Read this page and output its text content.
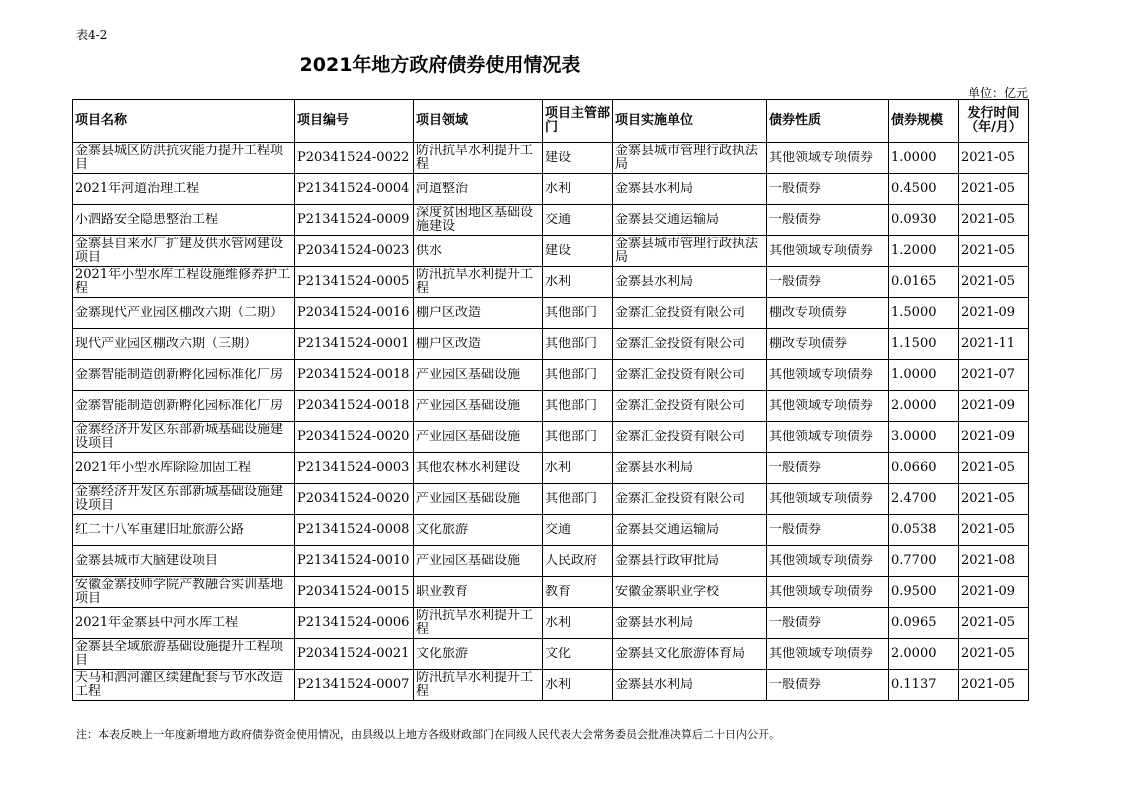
表4-2
2021年地方政府债券使用情况表
单位：亿元
项目名称	项目编号	项目领域	项目主管部门	项目实施单位	债券性质	债券规模	发行时间（年/月）

金寨县城区防洪抗灾能力提升工程项目	P20341524-0022	防汛抗旱水利提升工程	建设	金寨县城市管理行政执法局	其他领域专项债券	1.0000	2021-05

2021年河道治理工程	P21341524-0004	河道整治	水利	金寨县水利局	一般债券	0.4500	2021-05

小泗路安全隐患整治工程	P21341524-0009	深度贫困地区基础设施建设	交通	金寨县交通运输局	一般债券	0.0930	2021-05

金寨县自来水厂扩建及供水管网建设项目	P20341524-0023	供水	建设	金寨县城市管理行政执法局	其他领域专项债券	1.2000	2021-05

2021年小型水库工程设施维修养护工程	P21341524-0005	防汛抗旱水利提升工程	水利	金寨县水利局	一般债券	0.0165	2021-05

金寨现代产业园区棚改六期（二期）	P20341524-0016	棚户区改造	其他部门	金寨汇金投资有限公司	棚改专项债券	1.5000	2021-09

现代产业园区棚改六期（三期）	P21341524-0001	棚户区改造	其他部门	金寨汇金投资有限公司	棚改专项债券	1.1500	2021-11

金寨智能制造创新孵化园标准化厂房	P20341524-0018	产业园区基础设施	其他部门	金寨汇金投资有限公司	其他领域专项债券	1.0000	2021-07

金寨智能制造创新孵化园标准化厂房	P20341524-0018	产业园区基础设施	其他部门	金寨汇金投资有限公司	其他领域专项债券	2.0000	2021-09

金寨经济开发区东部新城基础设施建设项目	P20341524-0020	产业园区基础设施	其他部门	金寨汇金投资有限公司	其他领域专项债券	3.0000	2021-09

2021年小型水库除险加固工程	P21341524-0003	其他农林水利建设	水利	金寨县水利局	一般债券	0.0660	2021-05

金寨经济开发区东部新城基础设施建设项目	P20341524-0020	产业园区基础设施	其他部门	金寨汇金投资有限公司	其他领域专项债券	2.4700	2021-05

红二十八军重建旧址旅游公路	P21341524-0008	文化旅游	交通	金寨县交通运输局	一般债券	0.0538	2021-05

金寨县城市大脑建设项目	P21341524-0010	产业园区基础设施	人民政府	金寨县行政审批局	其他领域专项债券	0.7700	2021-08

安徽金寨技师学院产教融合实训基地项目	P20341524-0015	职业教育	教育	安徽金寨职业学校	其他领域专项债券	0.9500	2021-09

2021年金寨县中河水库工程	P21341524-0006	防汛抗旱水利提升工程	水利	金寨县水利局	一般债券	0.0965	2021-05

金寨县全域旅游基础设施提升工程项目	P20341524-0021	文化旅游	文化	金寨县文化旅游体育局	其他领域专项债券	2.0000	2021-05

天马和泗河灌区续建配套与节水改造工程	P21341524-0007	防汛抗旱水利提升工程	水利	金寨县水利局	一般债券	0.1137	2021-05
注：本表反映上一年度新增地方政府债券资金使用情况，由县级以上地方各级财政部门在同级人民代表大会常务委员会批准决算后二十日内公开。
